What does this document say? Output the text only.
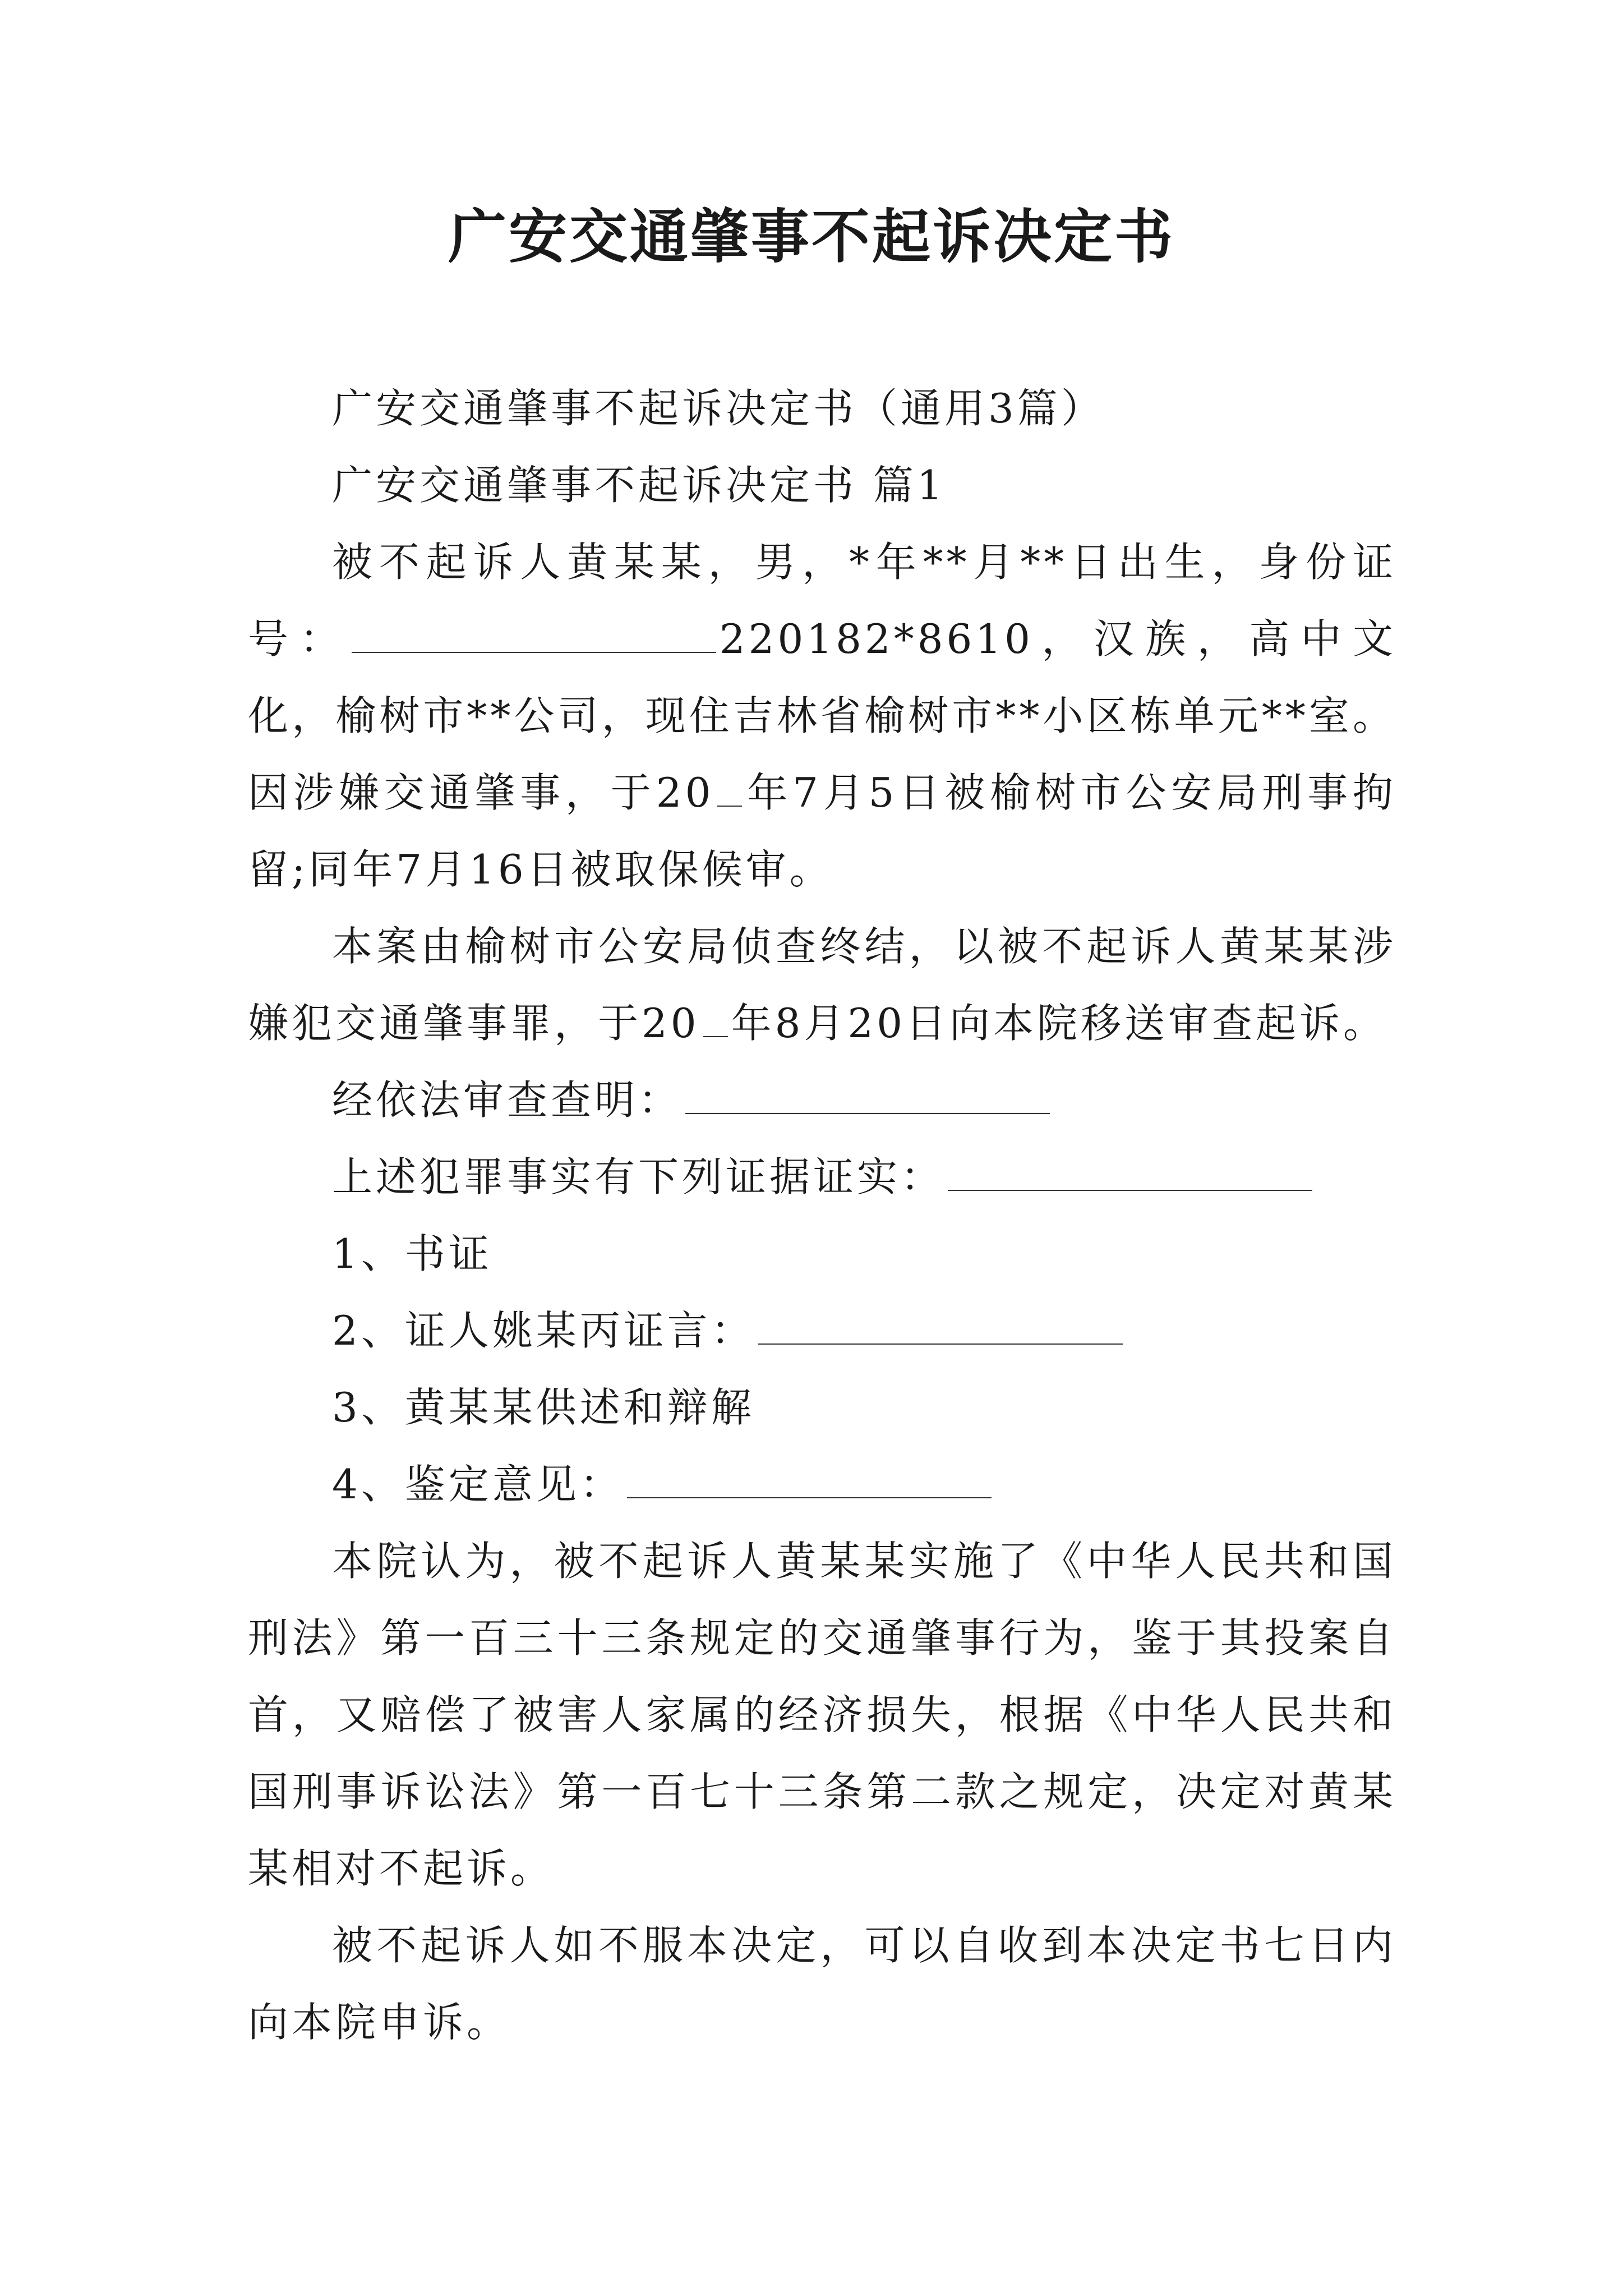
广安交通肇事不起诉决定书

广安交通肇事不起诉决定书（通用3篇）

广安交通肇事不起诉决定书 篇1

被不起诉人黄某某，男，*年**月**日出生，身份证号：	220182*8610，汉族，高中文化，榆树市**公司，现住吉林省榆树市**小区栋单元**室。因涉嫌交通肇事，于20 年7月5日被榆树市公安局刑事拘留;同年7月16日被取保候审。

本案由榆树市公安局侦查终结，以被不起诉人黄某某涉嫌犯交通肇事罪，于20 年8月20日向本院移送审查起诉。

经依法审查查明：

上述犯罪事实有下列证据证实：

1、书证

2、证人姚某丙证言：

3、黄某某供述和辩解

4、鉴定意见：

本院认为，被不起诉人黄某某实施了《中华人民共和国刑法》第一百三十三条规定的交通肇事行为，鉴于其投案自首，又赔偿了被害人家属的经济损失，根据《中华人民共和国刑事诉讼法》第一百七十三条第二款之规定，决定对黄某某相对不起诉。

被不起诉人如不服本决定，可以自收到本决定书七日内向本院申诉。
